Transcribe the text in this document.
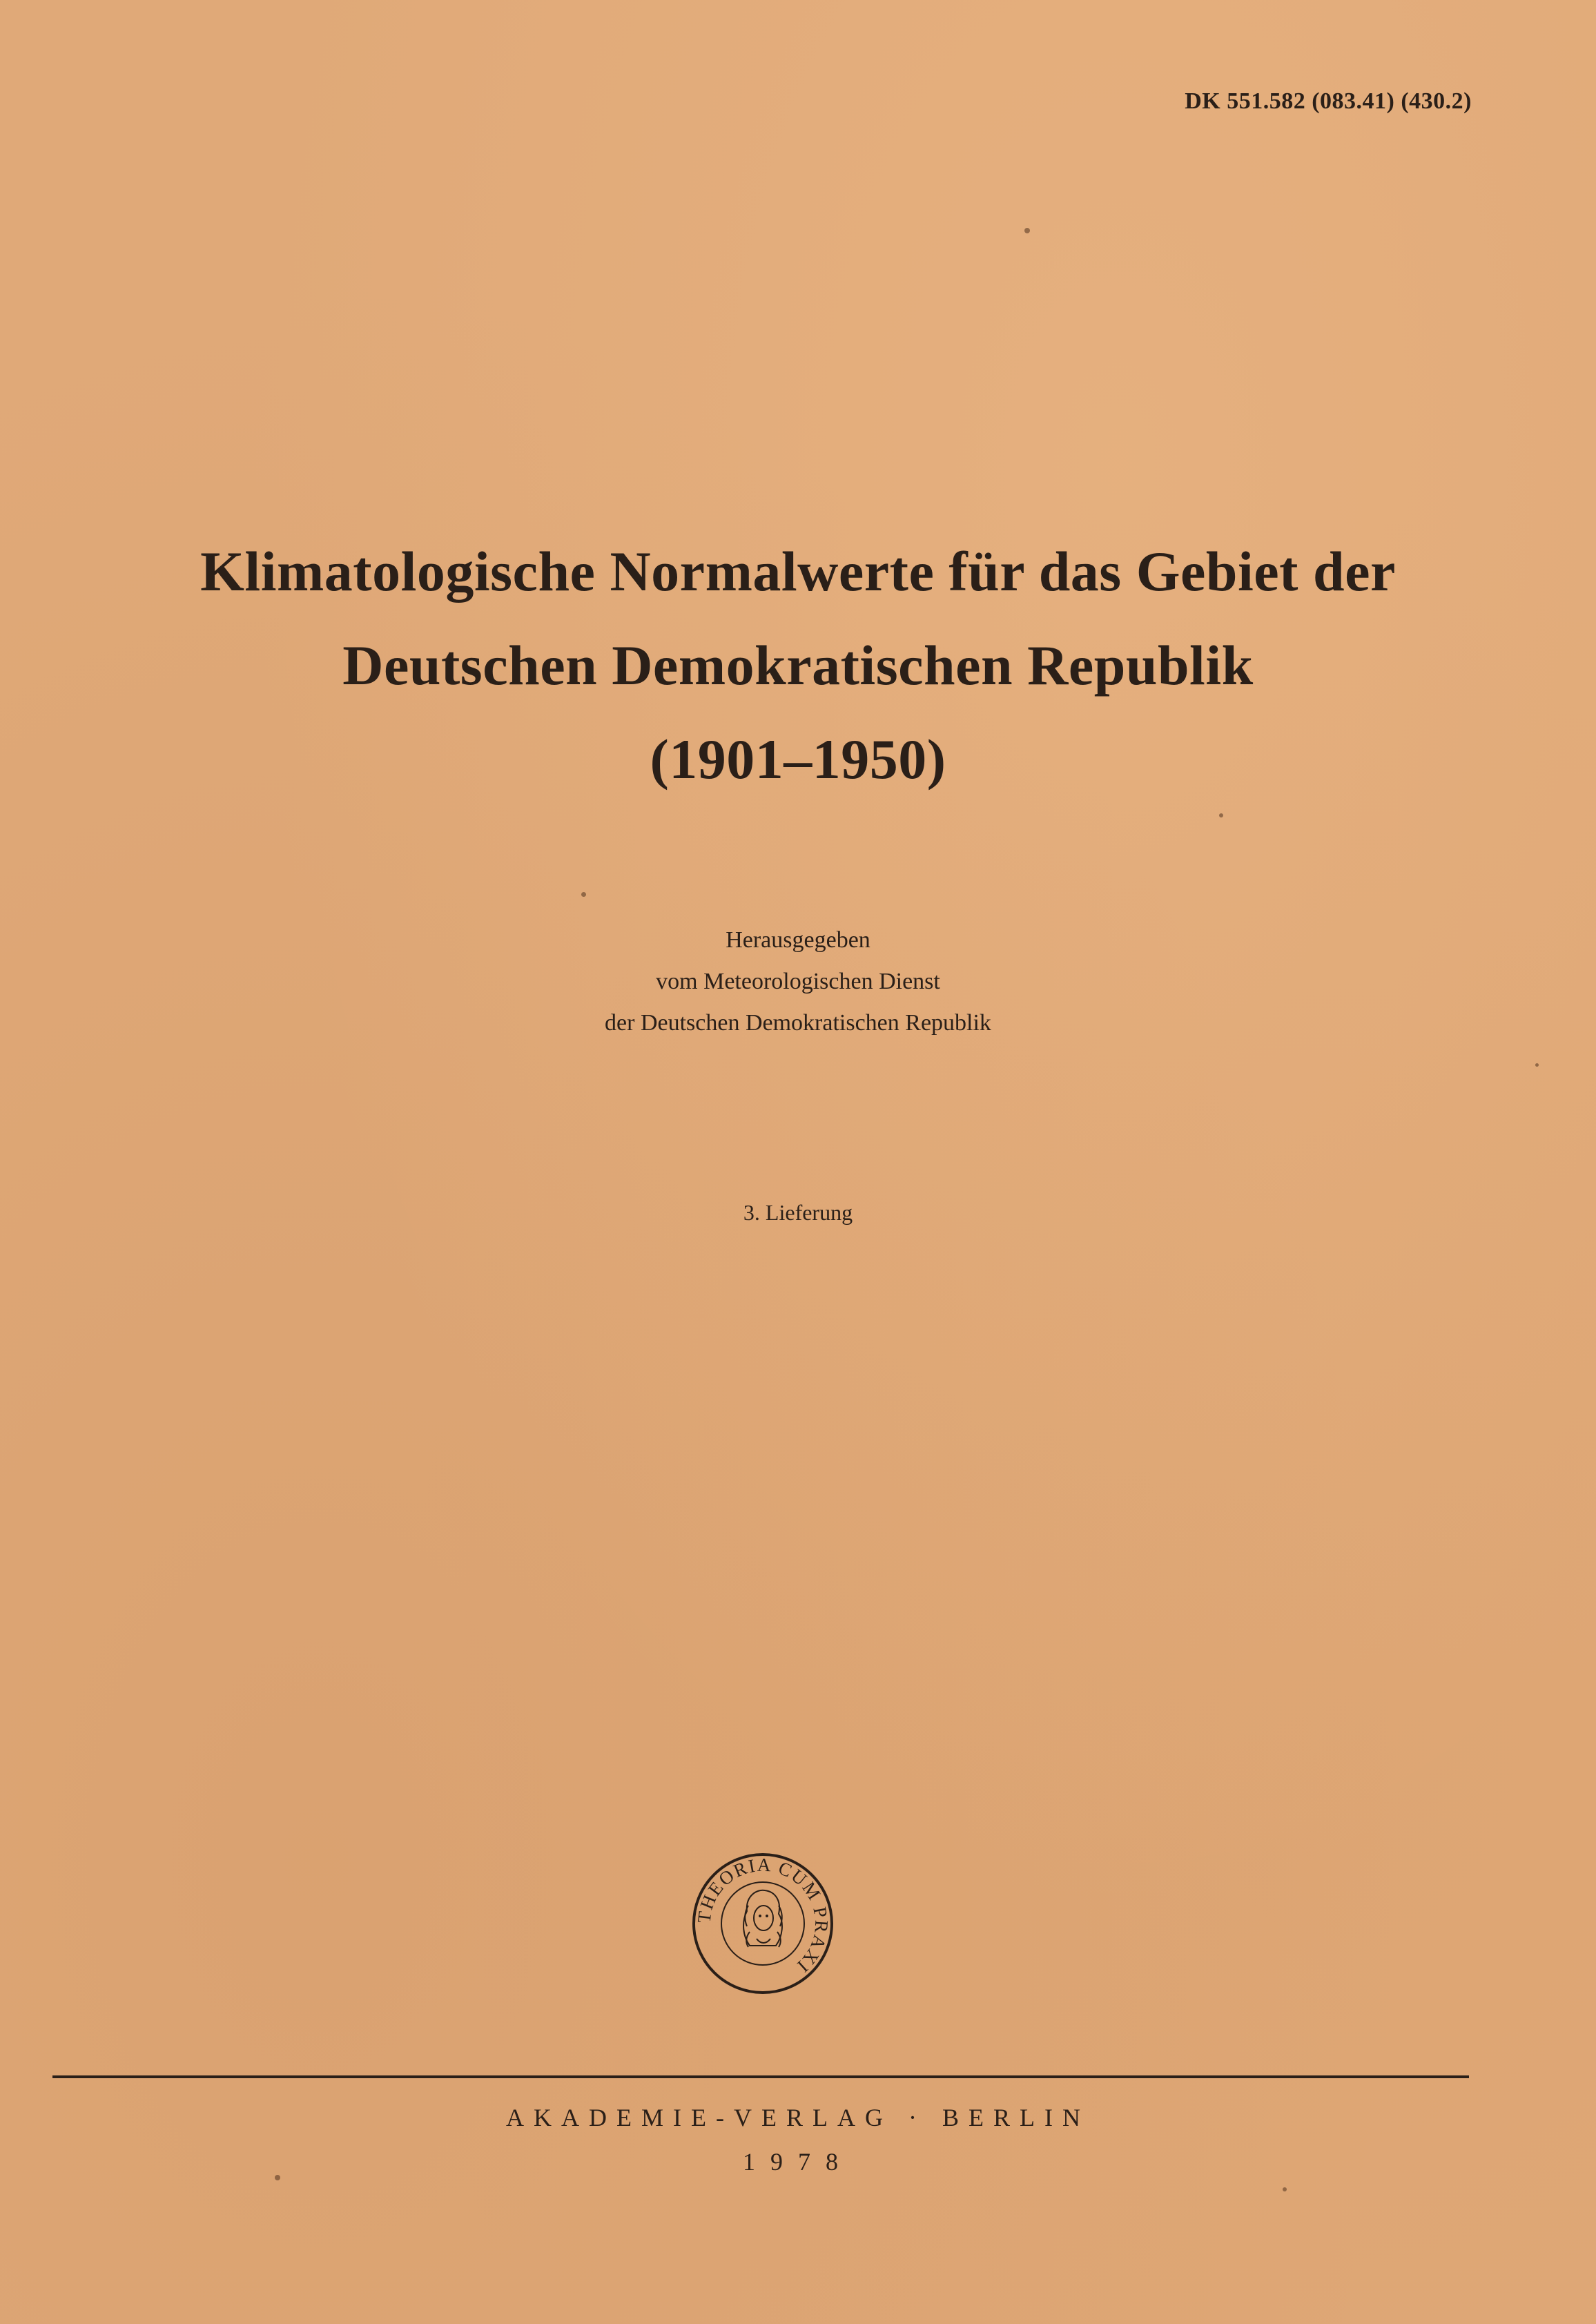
DK 551.582 (083.41) (430.2)
Klimatologische Normalwerte für das Gebiet der
Deutschen Demokratischen Republik
(1901–1950)
Herausgegeben
vom Meteorologischen Dienst
der Deutschen Demokratischen Republik
3. Lieferung
THEORIA CUM PRAXI
AKADEMIE-VERLAG · BERLIN
1978
